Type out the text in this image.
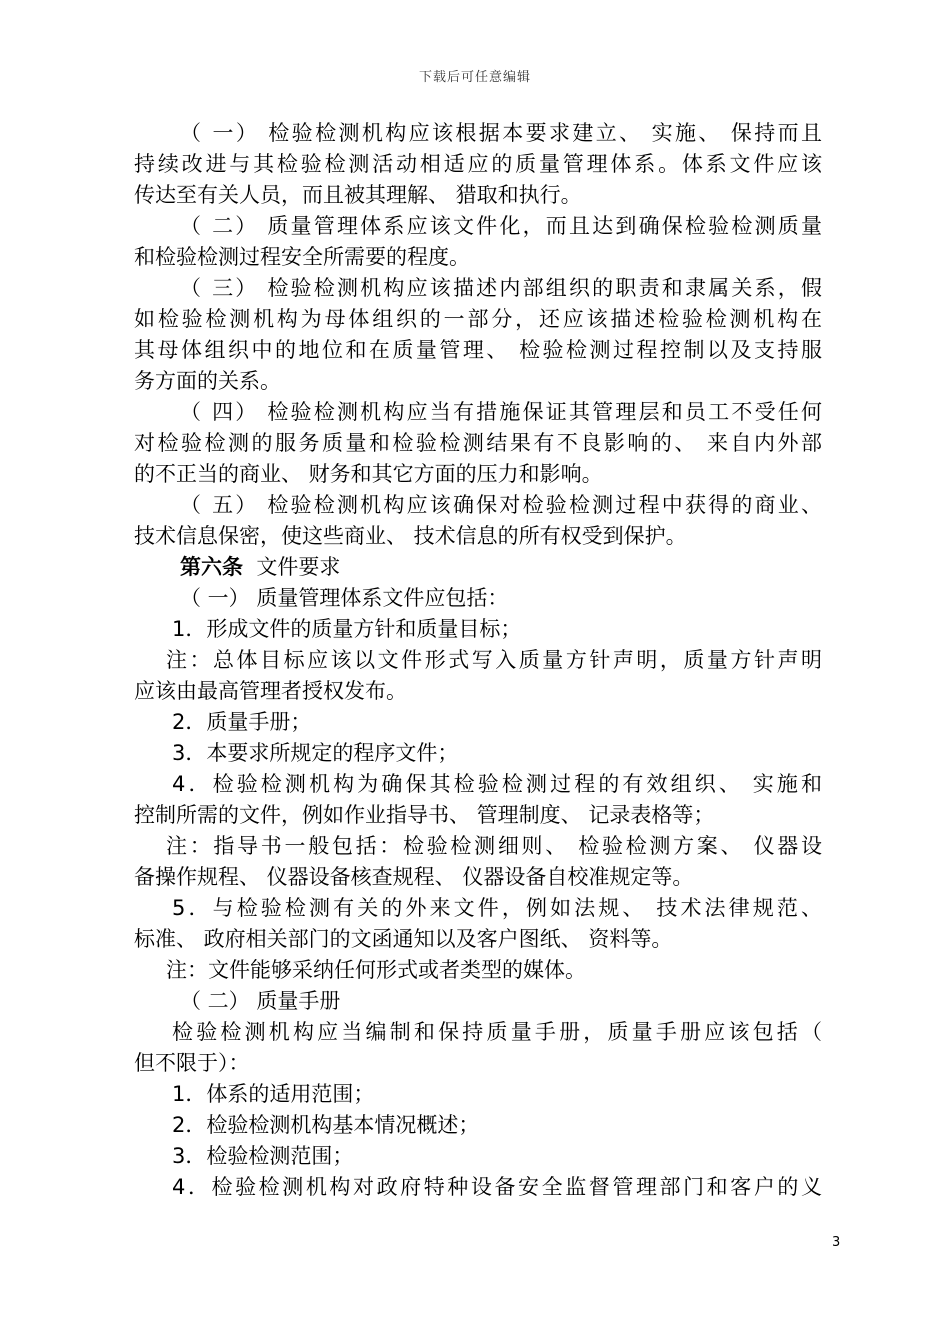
下载后可任意编辑
（ 一） 检验检测机构应该根据本要求建立、 实施、 保持而且
持续改进与其检验检测活动相适应的质量管理体系。体系文件应该
传达至有关人员，而且被其理解、 猎取和执行。
（ 二） 质量管理体系应该文件化，而且达到确保检验检测质量
和检验检测过程安全所需要的程度。
（ 三） 检验检测机构应该描述内部组织的职责和隶属关系，假
如检验检测机构为母体组织的一部分，还应该描述检验检测机构在
其母体组织中的地位和在质量管理、 检验检测过程控制以及支持服
务方面的关系。
（ 四） 检验检测机构应当有措施保证其管理层和员工不受任何
对检验检测的服务质量和检验检测结果有不良影响的、 来自内外部
的不正当的商业、 财务和其它方面的压力和影响。
（ 五） 检验检测机构应该确保对检验检测过程中获得的商业、
技术信息保密，使这些商业、 技术信息的所有权受到保护。
第六条  文件要求
（ 一） 质量管理体系文件应包括：
1．形成文件的质量方针和质量目标；
注：总体目标应该以文件形式写入质量方针声明，质量方针声明
应该由最高管理者授权发布。
2．质量手册；
3．本要求所规定的程序文件；
4．检验检测机构为确保其检验检测过程的有效组织、 实施和
控制所需的文件，例如作业指导书、 管理制度、 记录表格等；
注：指导书一般包括：检验检测细则、 检验检测方案、 仪器设
备操作规程、 仪器设备核查规程、 仪器设备自校准规定等。
5．与检验检测有关的外来文件，例如法规、 技术法律规范、
标准、 政府相关部门的文函通知以及客户图纸、 资料等。
注：文件能够采纳任何形式或者类型的媒体。
（ 二） 质量手册
检验检测机构应当编制和保持质量手册，质量手册应该包括（
但不限于）：
1．体系的适用范围；
2．检验检测机构基本情况概述；
3．检验检测范围；
4．检验检测机构对政府特种设备安全监督管理部门和客户的义
3
